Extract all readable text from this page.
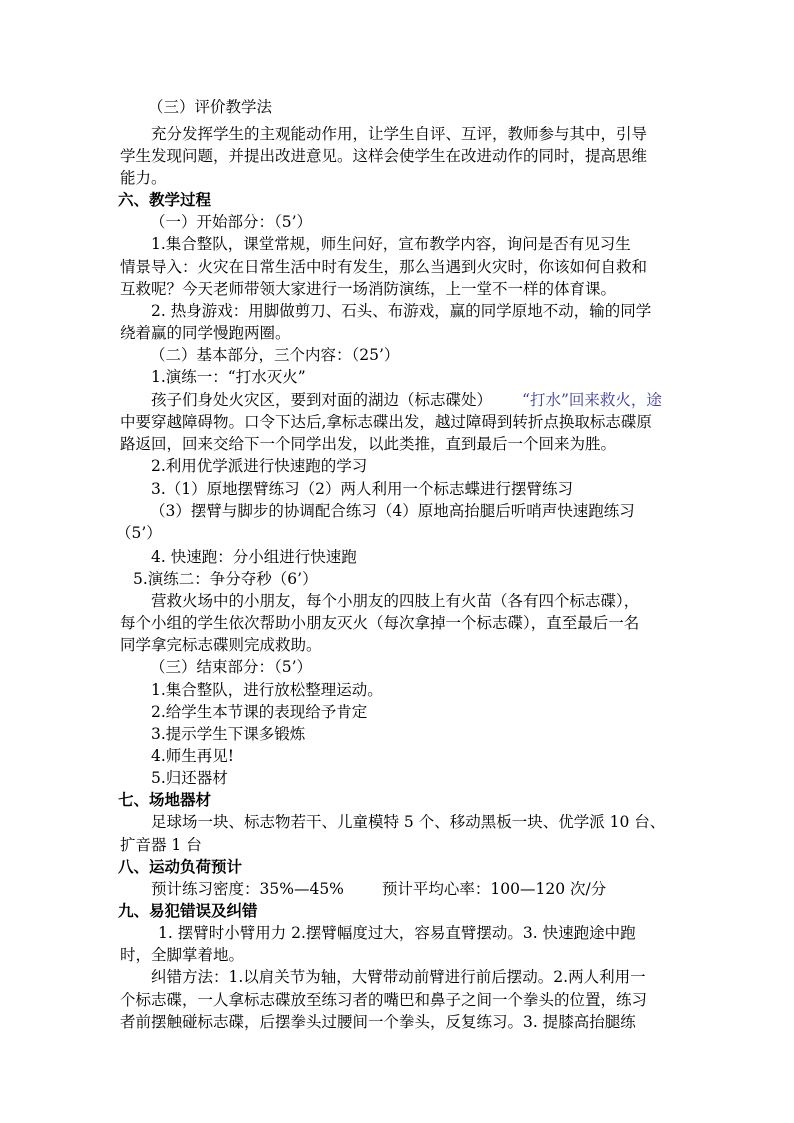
（三）评价教学法
充分发挥学生的主观能动作用，让学生自评、互评，教师参与其中，引导
学生发现问题，并提出改进意见。这样会使学生在改进动作的同时，提高思维
能力。
六、教学过程
（一）开始部分：（5’）
1.集合整队，课堂常规，师生问好，宣布教学内容，询问是否有见习生
情景导入：火灾在日常生活中时有发生，那么当遇到火灾时，你该如何自救和
互救呢？今天老师带领大家进行一场消防演练，上一堂不一样的体育课。
2. 热身游戏：用脚做剪刀、石头、布游戏，赢的同学原地不动，输的同学
绕着赢的同学慢跑两圈。
（二）基本部分，三个内容：（25’）
1.演练一：“打水灭火”
孩子们身处火灾区，要到对面的湖边（标志碟处） “打水”回来救火，途
中要穿越障碍物。口令下达后,拿标志碟出发，越过障碍到转折点换取标志碟原
路返回，回来交给下一个同学出发，以此类推，直到最后一个回来为胜。
2.利用优学派进行快速跑的学习
3.（1）原地摆臂练习（2）两人利用一个标志蝶进行摆臂练习
（3）摆臂与脚步的协调配合练习（4）原地高抬腿后听哨声快速跑练习
（5’）
4. 快速跑：分小组进行快速跑
5.演练二：争分夺秒（6’）
营救火场中的小朋友，每个小朋友的四肢上有火苗（各有四个标志碟），
每个小组的学生依次帮助小朋友灭火（每次拿掉一个标志碟），直至最后一名
同学拿完标志碟则完成救助。
（三）结束部分：（5’）
1.集合整队，进行放松整理运动。
2.给学生本节课的表现给予肯定
3.提示学生下课多锻炼
4.师生再见!
5.归还器材
七、场地器材
足球场一块、标志物若干、儿童模特 5 个、移动黑板一块、优学派 10 台、
扩音器 1 台
八、运动负荷预计
预计练习密度：35%—45% 预计平均心率：100—120 次/分
九、易犯错误及纠错
1. 摆臂时小臂用力 2.摆臂幅度过大，容易直臂摆动。3. 快速跑途中跑
时，全脚掌着地。
纠错方法：1.以肩关节为轴，大臂带动前臂进行前后摆动。2.两人利用一
个标志碟，一人拿标志碟放至练习者的嘴巴和鼻子之间一个拳头的位置，练习
者前摆触碰标志碟，后摆拳头过腰间一个拳头，反复练习。3. 提膝高抬腿练
